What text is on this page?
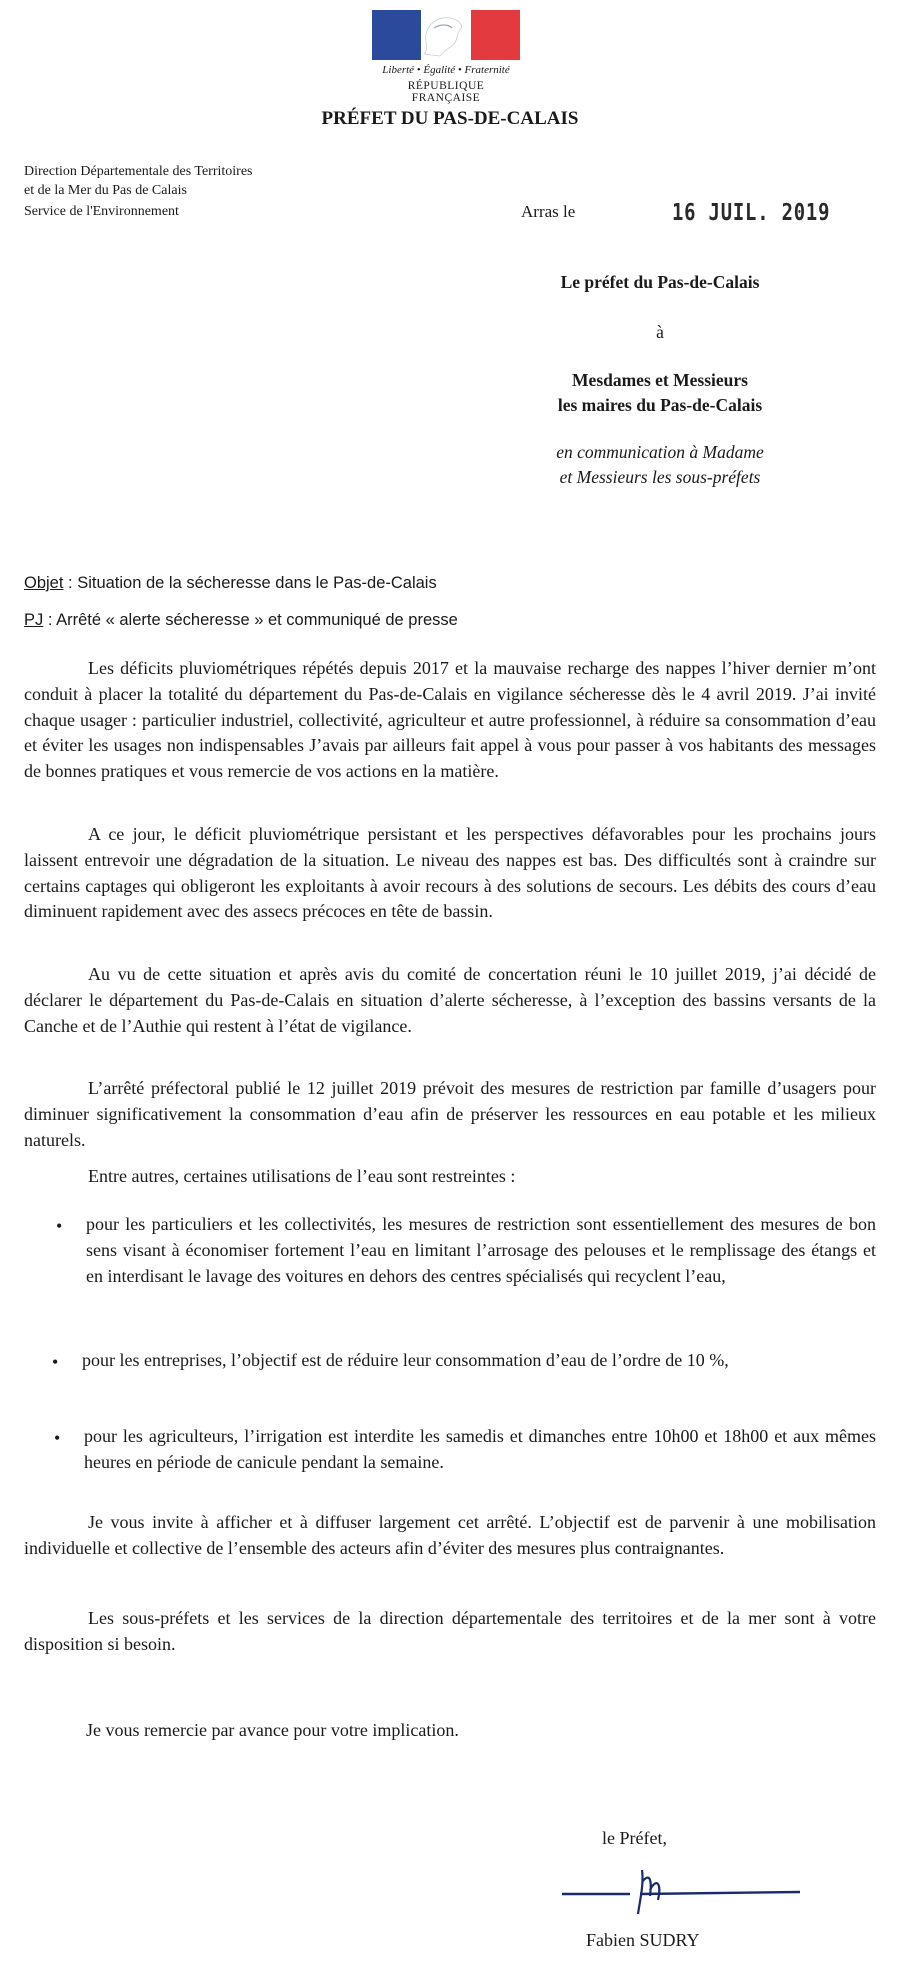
Liberté • Égalité • Fraternité
RÉPUBLIQUE FRANÇAISE
PRÉFET DU PAS-DE-CALAIS
Direction Départementale des Territoires
et de la Mer du Pas de Calais
Service de l'Environnement	Arras le	16 JUIL. 2019
Le préfet du Pas-de-Calais
à
Mesdames et Messieurs
les maires du Pas-de-Calais
en communication à Madame
et Messieurs les sous-préfets
Objet : Situation de la sécheresse dans le Pas-de-Calais
PJ : Arrêté « alerte sécheresse » et communiqué de presse
Les déficits pluviométriques répétés depuis 2017 et la mauvaise recharge des nappes l’hiver dernier m’ont conduit à placer la totalité du département du Pas-de-Calais en vigilance sécheresse dès le 4 avril 2019. J’ai invité chaque usager : particulier industriel, collectivité, agriculteur et autre professionnel, à réduire sa consommation d’eau et éviter les usages non indispensables J’avais par ailleurs fait appel à vous pour passer à vos habitants des messages de bonnes pratiques et vous remercie de vos actions en la matière.
A ce jour, le déficit pluviométrique persistant et les perspectives défavorables pour les prochains jours laissent entrevoir une dégradation de la situation. Le niveau des nappes est bas. Des difficultés sont à craindre sur certains captages qui obligeront les exploitants à avoir recours à des solutions de secours. Les débits des cours d’eau diminuent rapidement avec des assecs précoces en tête de bassin.
Au vu de cette situation et après avis du comité de concertation réuni le 10 juillet 2019, j’ai décidé de déclarer le département du Pas-de-Calais en situation d’alerte sécheresse, à l’exception des bassins versants de la Canche et de l’Authie qui restent à l’état de vigilance.
L’arrêté préfectoral publié le 12 juillet 2019 prévoit des mesures de restriction par famille d’usagers pour diminuer significativement la consommation d’eau afin de préserver les ressources en eau potable et les milieux naturels.
Entre autres, certaines utilisations de l’eau sont restreintes :
• pour les particuliers et les collectivités, les mesures de restriction sont essentiellement des mesures de bon sens visant à économiser fortement l’eau en limitant l’arrosage des pelouses et le remplissage des étangs et en interdisant le lavage des voitures en dehors des centres spécialisés qui recyclent l’eau,
• pour les entreprises, l’objectif est de réduire leur consommation d’eau de l’ordre de 10 %,
• pour les agriculteurs, l’irrigation est interdite les samedis et dimanches entre 10h00 et 18h00 et aux mêmes heures en période de canicule pendant la semaine.
Je vous invite à afficher et à diffuser largement cet arrêté. L’objectif est de parvenir à une mobilisation individuelle et collective de l’ensemble des acteurs afin d’éviter des mesures plus contraignantes.
Les sous-préfets et les services de la direction départementale des territoires et de la mer sont à votre disposition si besoin.
Je vous remercie par avance pour votre implication.
le Préfet,
Fabien SUDRY
